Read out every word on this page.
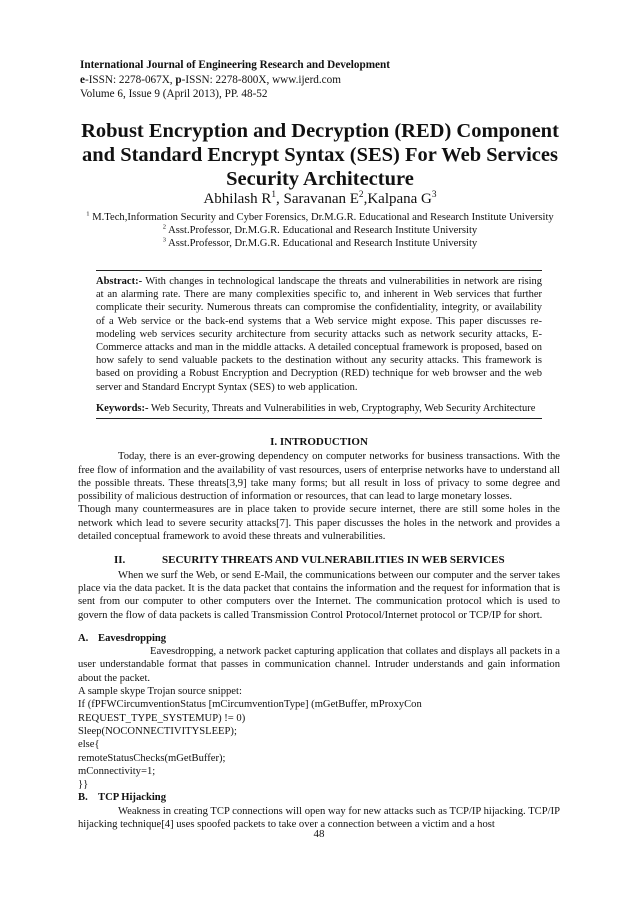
International Journal of Engineering Research and Development
e-ISSN: 2278-067X, p-ISSN: 2278-800X, www.ijerd.com
Volume 6, Issue 9 (April 2013), PP. 48-52
Robust Encryption and Decryption (RED) Component
and Standard Encrypt Syntax (SES) For Web Services
Security Architecture
Abhilash $R^1$, Saravanan $E^2,Kalpana$ $G^3$
$^1$ M.Tech,Information Security and Cyber Forensics, Dr.M.G.R. Educational and Research Institute University
$^2$ Asst.Professor, Dr.M.G.R. Educational and Research Institute University
$^3$ Asst.Professor, Dr.M.G.R. Educational and Research Institute University

Abstract:- With changes in technological landscape the threats and vulnerabilities in network are rising at an alarming rate. There are many complexities specific to, and inherent in Web services that further complicate their security. Numerous threats can compromise the confidentiality, integrity, or availability of a Web service or the back-end systems that a Web service might expose. This paper discusses re-modeling web services security architecture from security attacks such as network security attacks, E-Commerce attacks and man in the middle attacks. A detailed conceptual framework is proposed, based on how safely to send valuable packets to the destination without any security attacks. This framework is based on providing a Robust Encryption and Decryption (RED) technique for web browser and the web server and Standard Encrypt Syntax (SES) to web application.

Keywords:- Web Security, Threats and Vulnerabilities in web, Cryptography, Web Security Architecture

I. INTRODUCTION

Today, there is an ever-growing dependency on computer networks for business transactions. With the free flow of information and the availability of vast resources, users of enterprise networks have to understand all the possible threats. These threats[3,9] take many forms; but all result in loss of privacy to some degree and possibility of malicious destruction of information or resources, that can lead to large monetary losses.

Though many countermeasures are in place taken to provide secure internet, there are still some holes in the network which lead to severe security attacks[7]. This paper discusses the holes in the network and provides a detailed conceptual framework to avoid these threats and vulnerabilities.

II.	SECURITY THREATS AND VULNERABILITIES IN WEB SERVICES

When we surf the Web, or send E-Mail, the communications between our computer and the server takes place via the data packet. It is the data packet that contains the information and the request for information that is sent from our computer to other computers over the Internet. The communication protocol which is used to govern the flow of data packets is called Transmission Control Protocol/Internet protocol or TCP/IP for short.

A. Eavesdropping

Eavesdropping, a network packet capturing application that collates and displays all packets in a user understandable format that passes in communication channel. Intruder understands and gain information about the packet.

A sample skype Trojan source snippet:
If (fPFWCircumventionStatus [mCircumventionType] (mGetBuffer, mProxyCon
REQUEST_TYPE_SYSTEMUP) != 0)
Sleep(NOCONNECTIVITYSLEEP);
else{
remoteStatusChecks(mGetBuffer);
mConnectivity=1;
}}
B. TCP Hijacking

Weakness in creating TCP connections will open way for new attacks such as TCP/IP hijacking. TCP/IP hijacking technique[4] uses spoofed packets to take over a connection between a victim and a host

48
